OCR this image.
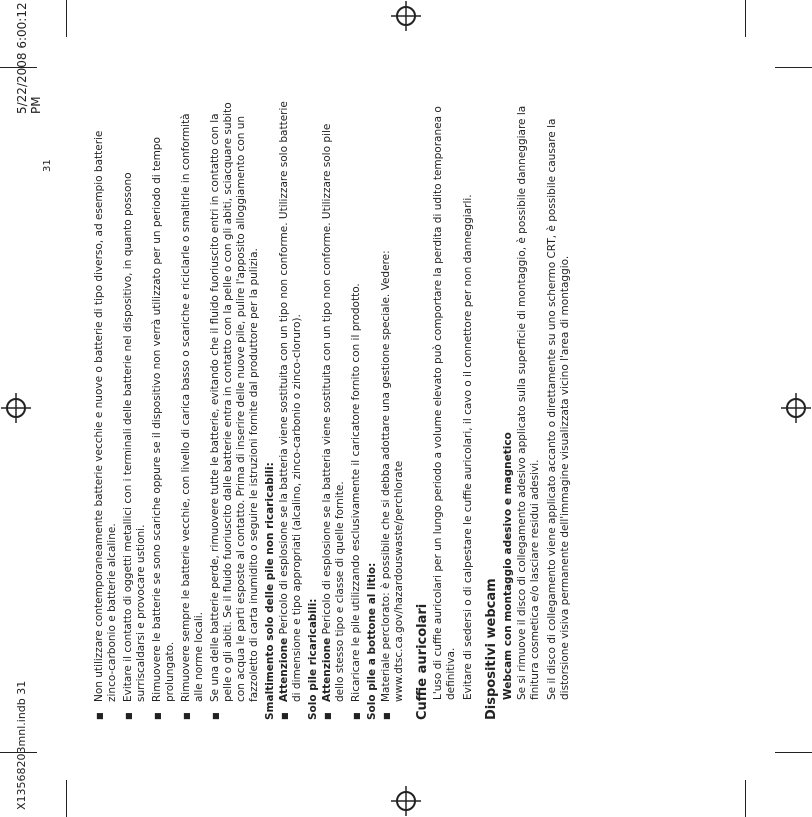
■ Non utilizzare contemporaneamente batterie vecchie e nuove o batterie di tipo diverso, ad esempio batterie zinco-carbonio e batterie alcaline. ■ Evitare il contatto di oggetti metallici con i terminali delle batterie nel dispositivo, in quanto possono surriscaldarsi e provocare ustioni. ■ Rimuovere le batterie se sono scariche oppure se il dispositivo non verrà utilizzato per un periodo di tempo prolungato. ■ Rimuovere sempre le batterie vecchie, con livello di carica basso o scariche e riciclarle o smaltirle in conformità alle norme locali. ■ Se una delle batterie perde, rimuovere tutte le batterie, evitando che il fluido fuoriuscito entri in contatto con la pelle o gli abiti. Se il fluido fuoriuscito dalle batterie entra in contatto con la pelle o con gli abiti, sciacquare subito con acqua le parti esposte al contatto. Prima di inserire delle nuove pile, pulire l'apposito alloggiamento con un fazzoletto di carta inumidito o seguire le istruzioni fornite dal produttore per la pulizia. Smaltimento solo delle pile non ricaricabili: ■ Attenzione Pericolo di esplosione se la batteria viene sostituita con un tipo non conforme. Utilizzare solo batterie di dimensione e tipo appropriati (alcalino, zinco-carbonio o zinco-cloruro). Solo pile ricaricabili: ■ Attenzione Pericolo di esplosione se la batteria viene sostituita con un tipo non conforme. Utilizzare solo pile dello stesso tipo e classe di quelle fornite. ■ Ricaricare le pile utilizzando esclusivamente il caricatore fornito con il prodotto. Solo pile a bottone al litio: ■ Materiale perclorato: è possibile che si debba adottare una gestione speciale. Vedere: www.dtsc.ca.gov/hazardouswaste/perchlorate Cuffie auricolari L'uso di cuffie auricolari per un lungo periodo a volume elevato può comportare la perdita di udito temporanea o definitiva. Evitare di sedersi o di calpestare le cuffie auricolari, il cavo o il connettore per non danneggiarli. Dispositivi webcam Webcam con montaggio adesivo e magnetico Se si rimuove il disco di collegamento adesivo applicato sulla superficie di montaggio, è possibile danneggiare la finitura cosmetica e/o lasciare residui adesivi. Se il disco di collegamento viene applicato accanto o direttamente su uno schermo CRT, è possibile causare la distorsione visiva permanente dell'immagine visualizzata vicino l'area di montaggio.
31
X13568203mnl.indb 31
5/22/2008 6:00:12 PM
